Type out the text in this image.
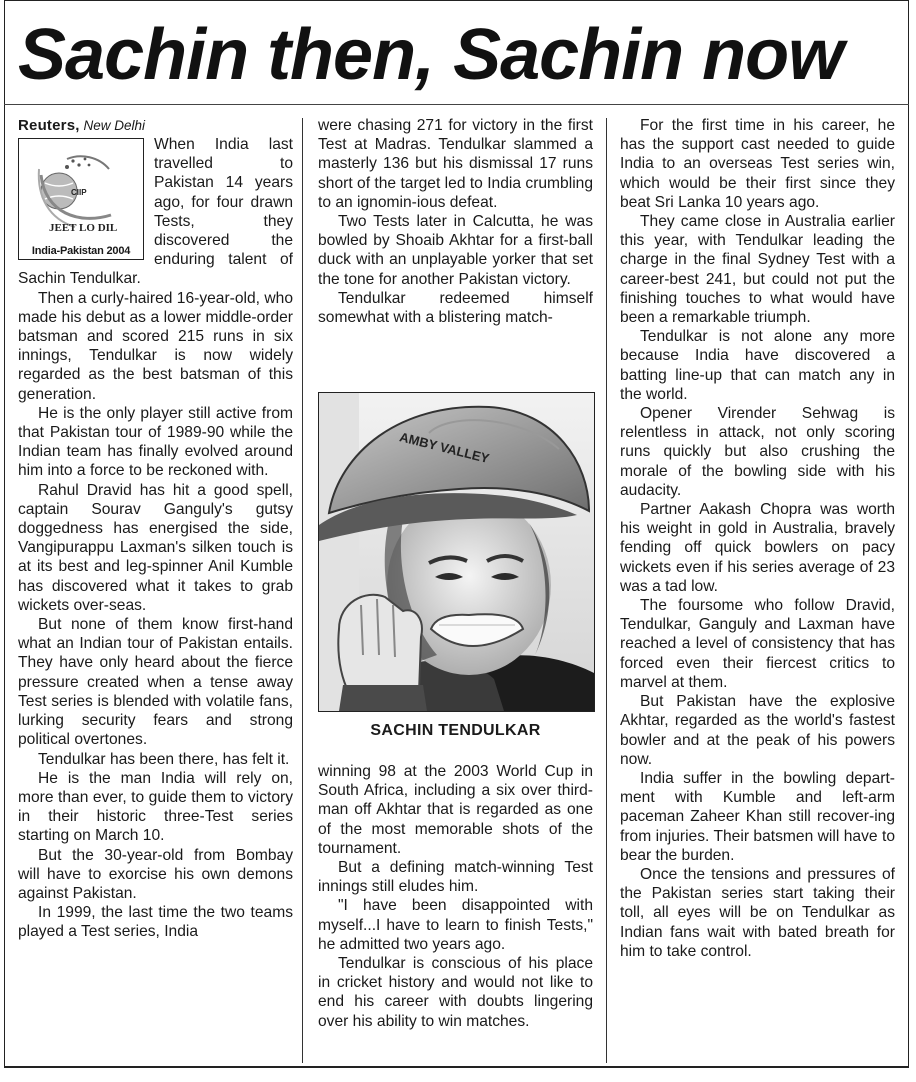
Sachin then, Sachin now

Reuters, New Delhi

CIIP
JEET LO DIL
India-Pakistan 2004

When India last travelled to Pakistan 14 years ago, for four drawn Tests, they discovered the enduring talent of Sachin Tendulkar.

Then a curly-haired 16-year-old, who made his debut as a lower middle-order batsman and scored 215 runs in six innings, Tendulkar is now widely regarded as the best batsman of this generation.

He is the only player still active from that Pakistan tour of 1989-90 while the Indian team has finally evolved around him into a force to be reckoned with.

Rahul Dravid has hit a good spell, captain Sourav Ganguly's gutsy doggedness has energised the side, Vangipurappu Laxman's silken touch is at its best and leg-spinner Anil Kumble has discovered what it takes to grab wickets over-seas.

But none of them know first-hand what an Indian tour of Pakistan entails. They have only heard about the fierce pressure created when a tense away Test series is blended with volatile fans, lurking security fears and strong political overtones.

Tendulkar has been there, has felt it.

He is the man India will rely on, more than ever, to guide them to victory in their historic three-Test series starting on March 10.

But the 30-year-old from Bombay will have to exorcise his own demons against Pakistan.

In 1999, the last time the two teams played a Test series, India

were chasing 271 for victory in the first Test at Madras. Tendulkar slammed a masterly 136 but his dismissal 17 runs short of the target led to India crumbling to an ignomin-ious defeat.

Two Tests later in Calcutta, he was bowled by Shoaib Akhtar for a first-ball duck with an unplayable yorker that set the tone for another Pakistan victory.

Tendulkar redeemed himself somewhat with a blistering match-

AMBY VALLEY
SACHIN TENDULKAR

winning 98 at the 2003 World Cup in South Africa, including a six over third-man off Akhtar that is regarded as one of the most memorable shots of the tournament.

But a defining match-winning Test innings still eludes him.

"I have been disappointed with myself...I have to learn to finish Tests," he admitted two years ago.

Tendulkar is conscious of his place in cricket history and would not like to end his career with doubts lingering over his ability to win matches.

For the first time in his career, he has the support cast needed to guide India to an overseas Test series win, which would be their first since they beat Sri Lanka 10 years ago.

They came close in Australia earlier this year, with Tendulkar leading the charge in the final Sydney Test with a career-best 241, but could not put the finishing touches to what would have been a remarkable triumph.

Tendulkar is not alone any more because India have discovered a batting line-up that can match any in the world.

Opener Virender Sehwag is relentless in attack, not only scoring runs quickly but also crushing the morale of the bowling side with his audacity.

Partner Aakash Chopra was worth his weight in gold in Australia, bravely fending off quick bowlers on pacy wickets even if his series average of 23 was a tad low.

The foursome who follow Dravid, Tendulkar, Ganguly and Laxman have reached a level of consistency that has forced even their fiercest critics to marvel at them.

But Pakistan have the explosive Akhtar, regarded as the world's fastest bowler and at the peak of his powers now.

India suffer in the bowling depart-ment with Kumble and left-arm paceman Zaheer Khan still recover-ing from injuries. Their batsmen will have to bear the burden.

Once the tensions and pressures of the Pakistan series start taking their toll, all eyes will be on Tendulkar as Indian fans wait with bated breath for him to take control.
